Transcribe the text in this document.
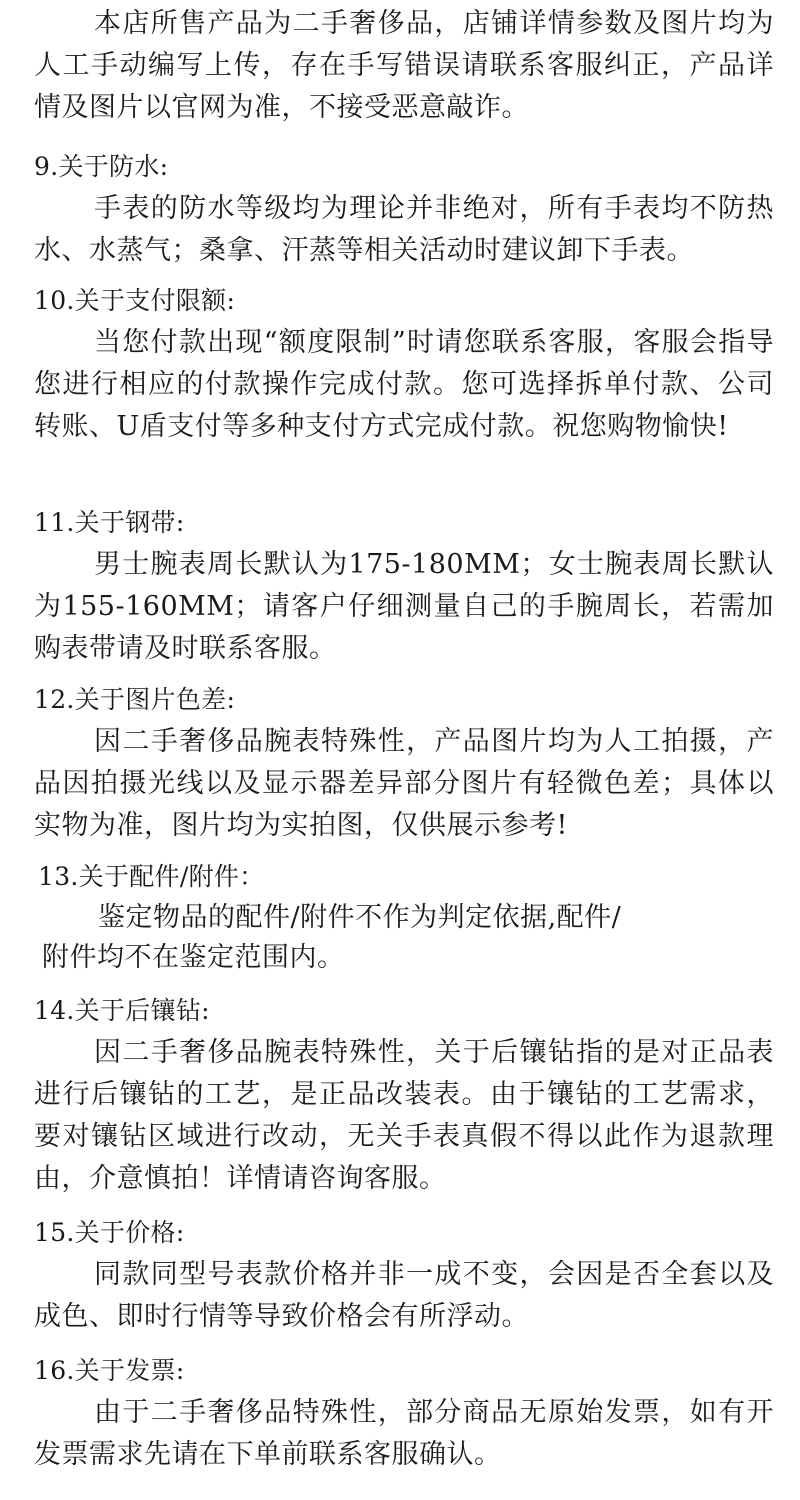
本店所售产品为二手奢侈品，店铺详情参数及图片均为人工手动编写上传，存在手写错误请联系客服纠正，产品详情及图片以官网为准，不接受恶意敲诈。

9.关于防水:

手表的防水等级均为理论并非绝对，所有手表均不防热水、水蒸气；桑拿、汗蒸等相关活动时建议卸下手表。

10.关于支付限额:

当您付款出现“额度限制”时请您联系客服，客服会指导您进行相应的付款操作完成付款。您可选择拆单付款、公司转账、U盾支付等多种支付方式完成付款。祝您购物愉快!

11.关于钢带:

男士腕表周长默认为175-180MM；女士腕表周长默认为155-160MM；请客户仔细测量自己的手腕周长，若需加购表带请及时联系客服。

12.关于图片色差:

因二手奢侈品腕表特殊性，产品图片均为人工拍摄，产品因拍摄光线以及显示器差异部分图片有轻微色差；具体以实物为准，图片均为实拍图，仅供展示参考!

13.关于配件/附件：

鉴定物品的配件/附件不作为判定依据,配件/

附件均不在鉴定范围内。

14.关于后镶钻:

因二手奢侈品腕表特殊性，关于后镶钻指的是对正品表进行后镶钻的工艺，是正品改装表。由于镶钻的工艺需求，要对镶钻区域进行改动，无关手表真假不得以此作为退款理由，介意慎拍！详情请咨询客服。

15.关于价格:

同款同型号表款价格并非一成不变，会因是否全套以及成色、即时行情等导致价格会有所浮动。

16.关于发票:

由于二手奢侈品特殊性，部分商品无原始发票，如有开发票需求先请在下单前联系客服确认。
